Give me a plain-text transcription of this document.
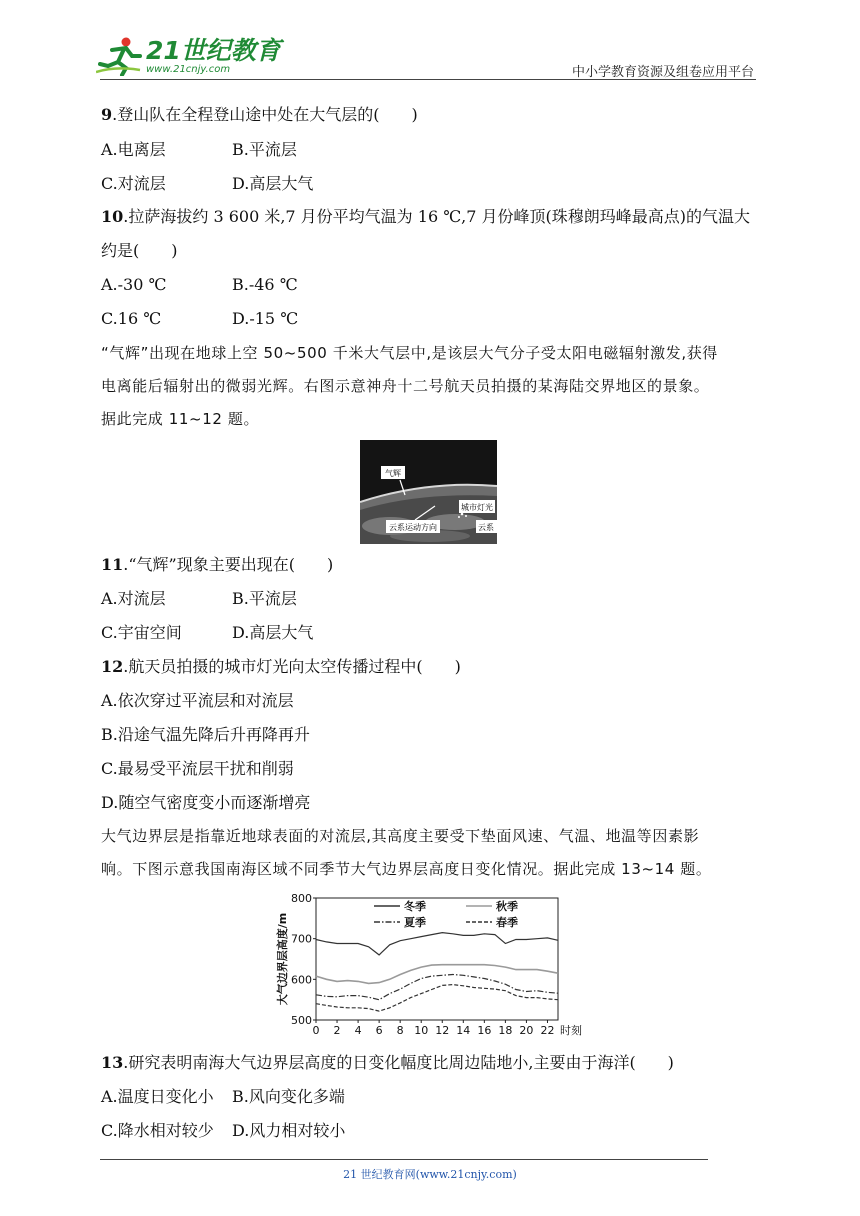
21世纪教育
www.21cnjy.com	中小学教育资源及组卷应用平台
9.登山队在全程登山途中处在大气层的(　　)
A.电离层	B.平流层
C.对流层	D.高层大气
10.拉萨海拔约 3 600 米,7 月份平均气温为 16 ℃,7 月份峰顶(珠穆朗玛峰最高点)的气温大
约是(　　)
A.-30 ℃	B.-46 ℃
C.16 ℃	D.-15 ℃
“气辉”出现在地球上空 50~500 千米大气层中,是该层大气分子受太阳电磁辐射激发,获得
电离能后辐射出的微弱光辉。右图示意神舟十二号航天员拍摄的某海陆交界地区的景象。
据此完成 11~12 题。
气辉
城市灯光
云系运动方向	云系
11.“气辉”现象主要出现在(　　)
A.对流层	B.平流层
C.宇宙空间	D.高层大气
12.航天员拍摄的城市灯光向太空传播过程中(　　)
A.依次穿过平流层和对流层
B.沿途气温先降后升再降再升
C.最易受平流层干扰和削弱
D.随空气密度变小而逐渐增亮
大气边界层是指靠近地球表面的对流层,其高度主要受下垫面风速、气温、地温等因素影
响。下图示意我国南海区域不同季节大气边界层高度日变化情况。据此完成 13~14 题。
500
600
700
800
0 2 4 6 8 10 12 14 16 18 20 22 时刻
大气边界层高度/m
冬季	秋季
夏季	春季
13.研究表明南海大气边界层高度的日变化幅度比周边陆地小,主要由于海洋(　　)
A.温度日变化小 B.风向变化多端
C.降水相对较少 D.风力相对较小
21 世纪教育网(www.21cnjy.com)
